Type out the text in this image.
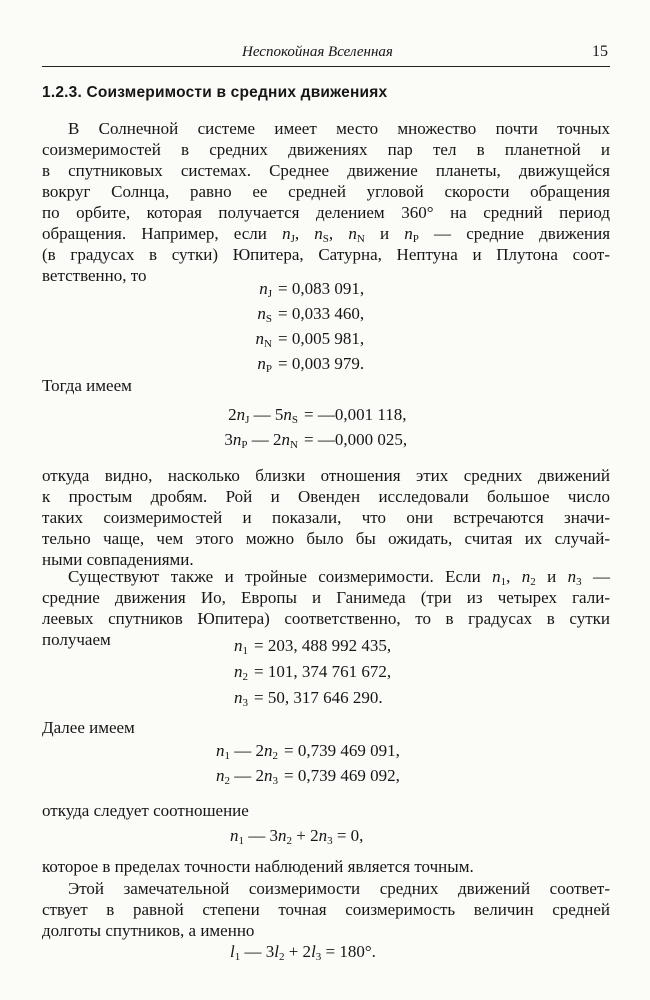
Неспокойная Вселенная	15
1.2.3. Соизмеримости в средних движениях
В Солнечной системе имеет место множество почти точных
соизмеримостей в средних движениях пар тел в планетной и
в спутниковых системах. Среднее движение планеты, движущейся
вокруг Солнца, равно ее средней угловой скорости обращения
по орбите, которая получается делением 360° на средний период
обращения. Например, если $n_J$, $n_S$, $n_N$ и $n_P$ — средние движения
(в градусах в сутки) Юпитера, Сатурна, Нептуна и Плутона соот-
ветственно, то
$n_J = 0,083$ 091,
$n_S = 0,033$ 460,
$n_N = 0,005$ 981,
$n_P = 0,003$ 979.
Тогда имеем
$2n_J$ — $5n_S$ = —0,001 118,
$3n_P$ — $2n_N$ = —0,000 025,
откуда видно, насколько близки отношения этих средних движений
к простым дробям. Рой и Овенден исследовали большое число
таких соизмеримостей и показали, что они встречаются значи-
тельно чаще, чем этого можно было бы ожидать, считая их случай-
ными совпадениями.
Существуют также и тройные соизмеримости. Если $n_1$, $n_2$ и $n_3$ —
средние движения Ио, Европы и Ганимеда (три из четырех гали-
леевых спутников Юпитера) соответственно, то в градусах в сутки
получаем	$n_1 = 203$, 488 992 435,
$n_2 = 101$, 374 761 672,
$n_3 = 50$, 317 646 290.
Далее имеем
$n_1$ — $2n_2 = 0,739$ 469 091,
$n_2$ — $2n_3 = 0,739$ 469 092,
откуда следует соотношение
$n_1$ — $3n_2 + 2n_3 = 0$,
которое в пределах точности наблюдений является точным.
Этой замечательной соизмеримости средних движений соответ-
ствует в равной степени точная соизмеримость величин средней
долготы спутников, а именно
$l_1$ — $3l_2 + 2l_3 = 180^\circ$.
